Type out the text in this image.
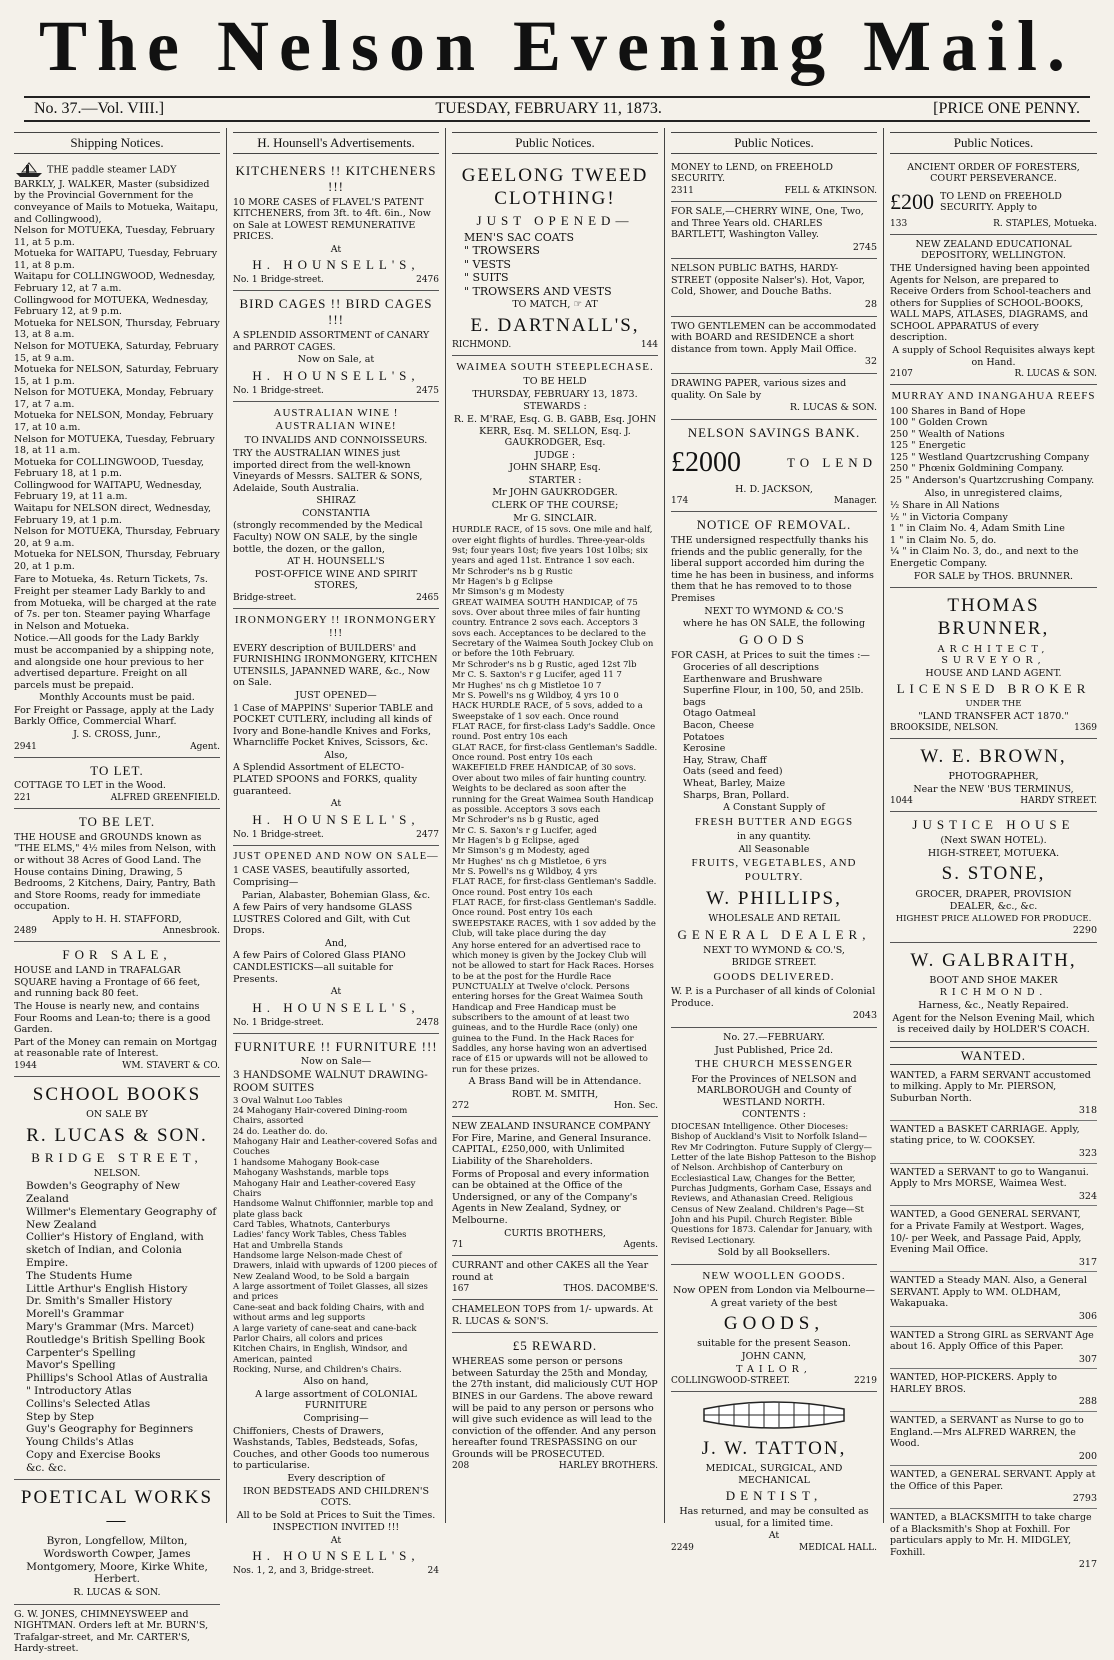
The Nelson Evening Mail.
No. 37.—Vol. VIII.]	TUESDAY, FEBRUARY 11, 1873.	[PRICE ONE PENNY.
Shipping Notices.
THE paddle steamer LADY BARKLY, J. WALKER, Master (subsidized by the Provincial Government for the conveyance of Mails to Motueka, Waitapu, and Collingwood),

Nelson for MOTUEKA, Tuesday, February 11, at 5 p.m.

Motueka for WAITAPU, Tuesday, February 11, at 8 p.m.

Waitapu for COLLINGWOOD, Wednesday, February 12, at 7 a.m.

Collingwood for MOTUEKA, Wednesday, February 12, at 9 p.m.

Motueka for NELSON, Thursday, February 13, at 8 a.m.

Nelson for MOTUEKA, Saturday, February 15, at 9 a.m.

Motueka for NELSON, Saturday, February 15, at 1 p.m.

Nelson for MOTUEKA, Monday, February 17, at 7 a.m.

Motueka for NELSON, Monday, February 17, at 10 a.m.

Nelson for MOTUEKA, Tuesday, February 18, at 11 a.m.

Motueka for COLLINGWOOD, Tuesday, February 18, at 1 p.m.

Collingwood for WAITAPU, Wednesday, February 19, at 11 a.m.

Waitapu for NELSON direct, Wednesday, February 19, at 1 p.m.

Nelson for MOTUEKA, Thursday, February 20, at 9 a.m.

Motueka for NELSON, Thursday, February 20, at 1 p.m.

Fare to Motueka, 4s. Return Tickets, 7s.

Freight per steamer Lady Barkly to and from Motueka, will be charged at the rate of 7s. per ton. Steamer paying Wharfage in Nelson and Motueka.

Notice.—All goods for the Lady Barkly must be accompanied by a shipping note, and alongside one hour previous to her advertised departure. Freight on all parcels must be prepaid.

Monthly Accounts must be paid.

For Freight or Passage, apply at the Lady Barkly Office, Commercial Wharf.

J. S. CROSS, Junr.,

2941	Agent.
TO LET.

COTTAGE TO LET in the Wood.

221	ALFRED GREENFIELD.
TO BE LET.

THE HOUSE and GROUNDS known as "THE ELMS," 4½ miles from Nelson, with or without 38 Acres of Good Land. The House contains Dining, Drawing, 5 Bedrooms, 2 Kitchens, Dairy, Pantry, Bath and Store Rooms, ready for immediate occupation.

Apply to H. H. STAFFORD,

2489	Annesbrook.
FOR SALE,

HOUSE and LAND in TRAFALGAR SQUARE having a Frontage of 66 feet, and running back 80 feet.

The House is nearly new, and contains Four Rooms and Lean-to; there is a good Garden.

Part of the Money can remain on Mortgag at reasonable rate of Interest.

1944	WM. STAVERT & CO.
SCHOOL BOOKS

ON SALE BY

R. LUCAS & SON.
BRIDGE STREET,

NELSON.

Bowden's Geography of New Zealand

Willmer's Elementary Geography of New Zealand

Collier's History of England, with sketch of Indian, and Colonia Empire.

The Students Hume

Little Arthur's English History

Dr. Smith's Smaller History

Morell's Grammar

Mary's Grammar (Mrs. Marcet)

Routledge's British Spelling Book

Carpenter's Spelling

Mavor's Spelling

Phillips's School Atlas of Australia

" Introductory Atlas

Collins's Selected Atlas

Step by Step

Guy's Geography for Beginners

Young Childs's Atlas

Copy and Exercise Books

&c. &c.

POETICAL WORKS—

Byron, Longfellow, Milton, Wordsworth Cowper, James Montgomery, Moore, Kirke White, Herbert.

R. LUCAS & SON.

G. W. JONES, CHIMNEYSWEEP and NIGHTMAN. Orders left at Mr. BURN'S, Trafalgar-street, and Mr. CARTER'S, Hardy-street.

H. Hounsell's Advertisements.
KITCHENERS !! KITCHENERS !!!

10 MORE CASES of FLAVEL'S PATENT KITCHENERS, from 3ft. to 4ft. 6in., Now on Sale at LOWEST REMUNERATIVE PRICES.

At

H. HOUNSELL'S,
No. 1 Bridge-street.	2476
BIRD CAGES !! BIRD CAGES !!!

A SPLENDID ASSORTMENT of CANARY and PARROT CAGES.

Now on Sale, at

H. HOUNSELL'S,
No. 1 Bridge-street.	2475
AUSTRALIAN WINE ! AUSTRALIAN WINE!

TO INVALIDS AND CONNOISSEURS.

TRY the AUSTRALIAN WINES just imported direct from the well-known Vineyards of Messrs. SALTER & SONS, Adelaide, South Australia.

SHIRAZ

CONSTANTIA

(strongly recommended by the Medical Faculty) NOW ON SALE, by the single bottle, the dozen, or the gallon,

AT H. HOUNSELL'S

POST-OFFICE WINE AND SPIRIT STORES,

Bridge-street.	2465
IRONMONGERY !! IRONMONGERY !!!

EVERY description of BUILDERS' and FURNISHING IRONMONGERY, KITCHEN UTENSILS, JAPANNED WARE, &c., Now on Sale.

JUST OPENED—

1 Case of MAPPINS' Superior TABLE and POCKET CUTLERY, including all kinds of Ivory and Bone-handle Knives and Forks, Wharncliffe Pocket Knives, Scissors, &c.

Also,

A Splendid Assortment of ELECTO-PLATED SPOONS and FORKS, quality guaranteed.

At

H. HOUNSELL'S,
No. 1 Bridge-street.	2477
JUST OPENED AND NOW ON SALE—

1 CASE VASES, beautifully assorted, Comprising—

Parian, Alabaster, Bohemian Glass, &c.

A few Pairs of very handsome GLASS LUSTRES Colored and Gilt, with Cut Drops.

And,

A few Pairs of Colored Glass PIANO CANDLESTICKS—all suitable for Presents.

At

H. HOUNSELL'S,
No. 1 Bridge-street.	2478
FURNITURE !! FURNITURE !!!

Now on Sale—

3 HANDSOME WALNUT DRAWING-ROOM SUITES

3 Oval Walnut Loo Tables

24 Mahogany Hair-covered Dining-room Chairs, assorted

24 do. Leather do. do.

Mahogany Hair and Leather-covered Sofas and Couches

1 handsome Mahogany Book-case

Mahogany Washstands, marble tops

Mahogany Hair and Leather-covered Easy Chairs

Handsome Walnut Chiffonnier, marble top and plate glass back

Card Tables, Whatnots, Canterburys

Ladies' fancy Work Tables, Chess Tables

Hat and Umbrella Stands

Handsome large Nelson-made Chest of Drawers, inlaid with upwards of 1200 pieces of New Zealand Wood, to be Sold a bargain

A large assortment of Toilet Glasses, all sizes and prices

Cane-seat and back folding Chairs, with and without arms and leg supports

A large variety of cane-seat and cane-back Parlor Chairs, all colors and prices

Kitchen Chairs, in English, Windsor, and American, painted

Rocking, Nurse, and Children's Chairs.

Also on hand,

A large assortment of COLONIAL FURNITURE

Comprising—

Chiffoniers, Chests of Drawers, Washstands, Tables, Bedsteads, Sofas, Couches, and other Goods too numerous to particularise.

Every description of

IRON BEDSTEADS AND CHILDREN'S COTS.

All to be Sold at Prices to Suit the Times.

INSPECTION INVITED !!!

At

H. HOUNSELL'S,
Nos. 1, 2, and 3, Bridge-street.	24
Public Notices.
GEELONG TWEED CLOTHING!
JUST OPENED—

MEN'S SAC COATS

" TROWSERS

" VESTS

" SUITS

" TROWSERS AND VESTS

TO MATCH, ☞ AT

E. DARTNALL'S,
RICHMOND.	144
WAIMEA SOUTH STEEPLECHASE.

TO BE HELD

THURSDAY, FEBRUARY 13, 1873.

STEWARDS :

R. E. M'RAE, Esq. G. B. GABB, Esq. JOHN KERR, Esq. M. SELLON, Esq. J. GAUKRODGER, Esq.

JUDGE :

JOHN SHARP, Esq.

STARTER :

Mr JOHN GAUKRODGER.

CLERK OF THE COURSE;

Mr G. SINCLAIR.

HURDLE RACE, of 15 sovs. One mile and half, over eight flights of hurdles. Three-year-olds 9st; four years 10st; five years 10st 10lbs; six years and aged 11st. Entrance 1 sov each.

Mr Schroder's ns b g Rustic

Mr Hagen's b g Eclipse

Mr Simson's g m Modesty

GREAT WAIMEA SOUTH HANDICAP, of 75 sovs. Over about three miles of fair hunting country. Entrance 2 sovs each. Acceptors 3 sovs each. Acceptances to be declared to the Secretary of the Waimea South Jockey Club on or before the 10th February.

Mr Schroder's ns b g Rustic, aged 12st 7lb

Mr C. S. Saxton's r g Lucifer, aged 11 7

Mr Hughes' ns ch g Mistletoe 10 7

Mr S. Powell's ns g Wildboy, 4 yrs 10 0

HACK HURDLE RACE, of 5 sovs, added to a Sweepstake of 1 sov each. Once round

FLAT RACE, for first-class Lady's Saddle. Once round. Post entry 10s each

GLAT RACE, for first-class Gentleman's Saddle. Once round. Post entry 10s each

WAKEFIELD FREE HANDICAP, of 30 sovs. Over about two miles of fair hunting country. Weights to be declared as soon after the running for the Great Waimea South Handicap as possible. Acceptors 3 sovs each

Mr Schroder's ns b g Rustic, aged

Mr C. S. Saxon's r g Lucifer, aged

Mr Hagen's b g Eclipse, aged

Mr Simson's g m Modesty, aged

Mr Hughes' ns ch g Mistletoe, 6 yrs

Mr S. Powell's ns g Wildboy, 4 yrs

FLAT RACE, for first-class Gentleman's Saddle. Once round. Post entry 10s each

FLAT RACE, for first-class Gentleman's Saddle. Once round. Post entry 10s each

SWEEPSTAKE RACES, with 1 sov added by the Club, will take place during the day

Any horse entered for an advertised race to which money is given by the Jockey Club will not be allowed to start for Hack Races. Horses to be at the post for the Hurdle Race PUNCTUALLY at Twelve o'clock. Persons entering horses for the Great Waimea South Handicap and Free Handicap must be subscribers to the amount of at least two guineas, and to the Hurdle Race (only) one guinea to the Fund. In the Hack Races for Saddles, any horse having won an advertised race of £15 or upwards will not be allowed to run for these prizes.

A Brass Band will be in Attendance.

ROBT. M. SMITH,

272	Hon. Sec.

NEW ZEALAND INSURANCE COMPANY For Fire, Marine, and General Insurance. CAPITAL, £250,000, with Unlimited Liability of the Shareholders.

Forms of Proposal and every information can be obtained at the Office of the Undersigned, or any of the Company's Agents in New Zealand, Sydney, or Melbourne.

CURTIS BROTHERS,

71	Agents.

CURRANT and other CAKES all the Year round at

167	THOS. DACOMBE'S.

CHAMELEON TOPS from 1/- upwards. At R. LUCAS & SON'S.

£5 REWARD.

WHEREAS some person or persons between Saturday the 25th and Monday, the 27th instant, did maliciously CUT HOP BINES in our Gardens. The above reward will be paid to any person or persons who will give such evidence as will lead to the conviction of the offender. And any person hereafter found TRESPASSING on our Grounds will be PROSECUTED.

208	HARLEY BROTHERS.
Public Notices.

MONEY to LEND, on FREEHOLD SECURITY.

2311	FELL & ATKINSON.

FOR SALE,—CHERRY WINE, One, Two, and Three Years old. CHARLES BARTLETT, Washington Valley.

2745

NELSON PUBLIC BATHS, HARDY-STREET (opposite Nalser's). Hot, Vapor, Cold, Shower, and Douche Baths.

28

TWO GENTLEMEN can be accommodated with BOARD and RESIDENCE a short distance from town. Apply Mail Office.

32

DRAWING PAPER, various sizes and quality. On Sale by

R. LUCAS & SON.

NELSON SAVINGS BANK.
£2000	TO LEND

H. D. JACKSON,

174	Manager.
NOTICE OF REMOVAL.

THE undersigned respectfully thanks his friends and the public generally, for the liberal support accorded him during the time he has been in business, and informs them that he has removed to to those Premises

NEXT TO WYMOND & CO.'S

where he has ON SALE, the following

GOODS

FOR CASH, at Prices to suit the times :—

Groceries of all descriptions

Earthenware and Brushware

Superfine Flour, in 100, 50, and 25lb. bags

Otago Oatmeal

Bacon, Cheese

Potatoes

Kerosine

Hay, Straw, Chaff

Oats (seed and feed)

Wheat, Barley, Maize

Sharps, Bran, Pollard.

A Constant Supply of

FRESH BUTTER AND EGGS

in any quantity.

All Seasonable

FRUITS, VEGETABLES, AND POULTRY.
W. PHILLIPS,

WHOLESALE AND RETAIL

GENERAL DEALER,

NEXT TO WYMOND & CO.'S,

BRIDGE STREET.

GOODS DELIVERED.

W. P. is a Purchaser of all kinds of Colonial Produce.

2043

No. 27.—FEBRUARY.

Just Published, Price 2d.

THE CHURCH MESSENGER

For the Provinces of NELSON and MARLBOROUGH and County of WESTLAND NORTH.

CONTENTS :

DIOCESAN Intelligence. Other Dioceses: Bishop of Auckland's Visit to Norfolk Island—Rev Mr Codrington. Future Supply of Clergy—Letter of the late Bishop Patteson to the Bishop of Nelson. Archbishop of Canterbury on Ecclesiastical Law, Changes for the Better, Purchas Judgments, Gorham Case, Essays and Reviews, and Athanasian Creed. Religious Census of New Zealand. Children's Page—St John and his Pupil. Church Register. Bible Questions for 1873. Calendar for January, with Revised Lectionary.

Sold by all Booksellers.

NEW WOOLLEN GOODS.

Now OPEN from London via Melbourne—

A great variety of the best

GOODS,

suitable for the present Season.

JOHN CANN,

TAILOR,

COLLINGWOOD-STREET.	2219
J. W. TATTON,

MEDICAL, SURGICAL, AND MECHANICAL

DENTIST,

Has returned, and may be consulted as usual, for a limited time.

At

2249	MEDICAL HALL.
Public Notices.

ANCIENT ORDER OF FORESTERS, COURT PERSEVERANCE.

£200 TO LEND on FREEHOLD SECURITY. Apply to
133	R. STAPLES, Motueka.

NEW ZEALAND EDUCATIONAL DEPOSITORY, WELLINGTON.

THE Undersigned having been appointed Agents for Nelson, are prepared to Receive Orders from School-teachers and others for Supplies of SCHOOL-BOOKS, WALL MAPS, ATLASES, DIAGRAMS, and SCHOOL APPARATUS of every description.

A supply of School Requisites always kept on Hand.

2107	R. LUCAS & SON.
MURRAY AND INANGAHUA REEFS

100 Shares in Band of Hope

100 " Golden Crown

250 " Wealth of Nations

125 " Energetic

125 " Westland Quartzcrushing Company

250 " Phœnix Goldmining Company.

25 " Anderson's Quartzcrushing Company.

Also, in unregistered claims,

½ Share in All Nations

½ " in Victoria Company

1 " in Claim No. 4, Adam Smith Line

1 " in Claim No. 5, do.

¼ " in Claim No. 3, do., and next to the Energetic Company.

FOR SALE by THOS. BRUNNER.

THOMAS BRUNNER,

ARCHITECT, SURVEYOR,

HOUSE AND LAND AGENT.

LICENSED BROKER

UNDER THE

"LAND TRANSFER ACT 1870."

BROOKSIDE, NELSON.	1369
W. E. BROWN,

PHOTOGRAPHER,

Near the NEW 'BUS TERMINUS,

1044	HARDY STREET.
JUSTICE HOUSE

(Next SWAN HOTEL).

HIGH-STREET, MOTUEKA.

S. STONE,

GROCER, DRAPER, PROVISION

DEALER, &c., &c.

HIGHEST PRICE ALLOWED FOR PRODUCE.

2290

W. GALBRAITH,

BOOT AND SHOE MAKER

RICHMOND.

Harness, &c., Neatly Repaired.

Agent for the Nelson Evening Mail, which is received daily by HOLDER'S COACH.

WANTED.

WANTED, a FARM SERVANT accustomed to milking. Apply to Mr. PIERSON, Suburban North.

318

WANTED a BASKET CARRIAGE. Apply, stating price, to W. COOKSEY.

323

WANTED a SERVANT to go to Wanganui. Apply to Mrs MORSE, Waimea West.

324

WANTED, a Good GENERAL SERVANT, for a Private Family at Westport. Wages, 10/- per Week, and Passage Paid, Apply, Evening Mail Office.

317

WANTED a Steady MAN. Also, a General SERVANT. Apply to WM. OLDHAM, Wakapuaka.

306

WANTED a Strong GIRL as SERVANT Age about 16. Apply Office of this Paper.

307

WANTED, HOP-PICKERS. Apply to HARLEY BROS.

288

WANTED, a SERVANT as Nurse to go to England.—Mrs ALFRED WARREN, the Wood.

200

WANTED, a GENERAL SERVANT. Apply at the Office of this Paper.

2793

WANTED, a BLACKSMITH to take charge of a Blacksmith's Shop at Foxhill. For particulars apply to Mr. H. MIDGLEY, Foxhill.

217
